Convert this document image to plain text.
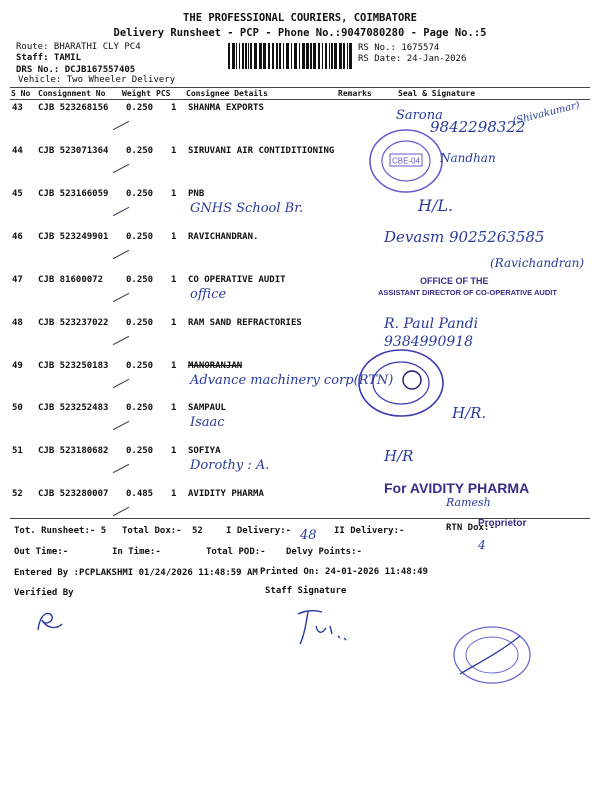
THE PROFESSIONAL COURIERS, COIMBATORE
Delivery Runsheet - PCP - Phone No.:9047080280 - Page No.:5
Route: BHARATHI CLY PC4
Staff: TAMIL
DRS No.: DCJB167557405
Vehicle: Two Wheeler Delivery
RS No.: 1675574
RS Date: 24-Jan-2026
S No Consignment No Weight PCS Consignee Details	Remarks	Seal & Signature
43 CJB 523268156 0.250 1 SHANMA EXPORTS
44 CJB 523071364 0.250 1 SIRUVANI AIR CONTIDITIONING
45 CJB 523166059 0.250 1 PNB
GNHS School Br.
46 CJB 523249901 0.250 1 RAVICHANDRAN.
47 CJB 81600072	0.250 1 CO OPERATIVE AUDIT
office
48 CJB 523237022 0.250 1 RAM SAND REFRACTORIES
49 CJB 523250183 0.250 1 MANORANJAN
Advance machinery corp(RTN)
50 CJB 523252483 0.250 1 SAMPAUL
Isaac
51 CJB 523180682 0.250 1 SOFIYA
Dorothy : A.
52 CJB 523280007 0.485 1 AVIDITY PHARMA
CBE-04
Sarona
9842298322
(Shivakumar)
Nandhan
H/L.
Devasm 9025263585
(Ravichandran)
OFFICE OF THE
ASSISTANT DIRECTOR OF CO-OPERATIVE AUDIT
R. Paul Pandi
9384990918
H/R.
H/R
For AVIDITY PHARMA
Ramesh
Proprietor
Tot. Runsheet:- 5 Total Dox:- 52	I Delivery:- 48 II Delivery:-	RTN Dox:-
4
Out Time:-	In Time:-	Total POD:- Delvy Points:-
Entered By :PCPLAKSHMI 01/24/2026 11:48:59 AM Printed On: 24-01-2026 11:48:49
Verified By	Staff Signature
